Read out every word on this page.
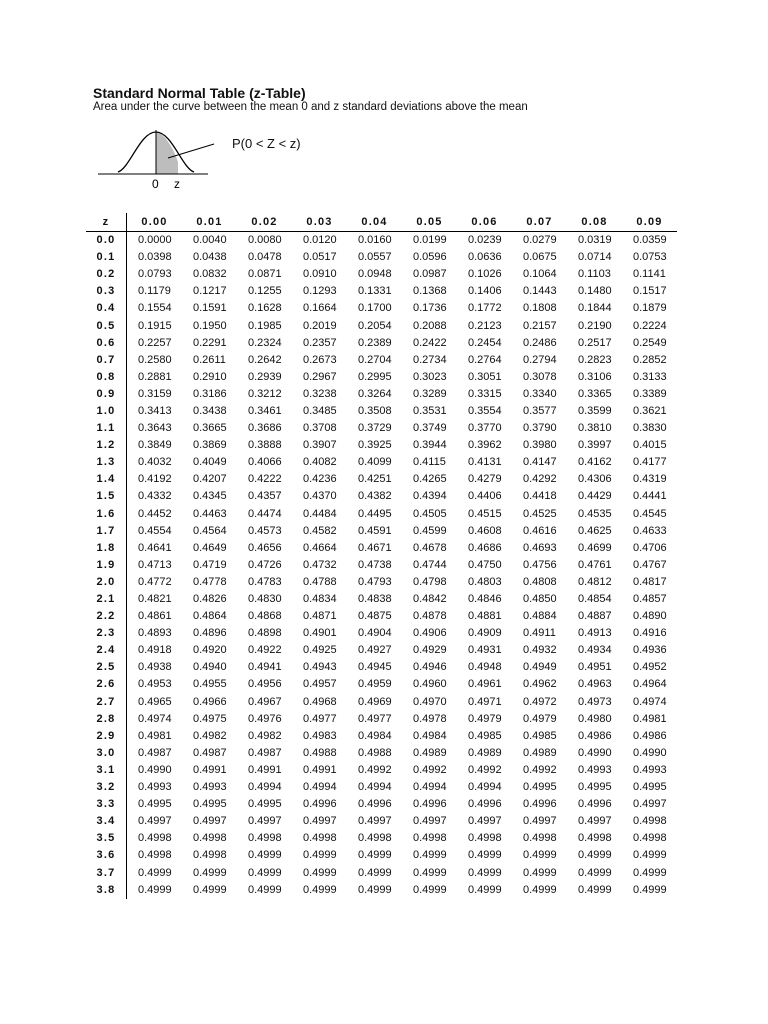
Standard Normal Table (z-Table)
Area under the curve between the mean 0 and z standard deviations above the mean
0 z
P(0 < Z < z)
z	0.00	0.01	0.02	0.03	0.04	0.05	0.06	0.07	0.08	0.09
0.0	0.0000	0.0040	0.0080	0.0120	0.0160	0.0199	0.0239	0.0279	0.0319	0.0359
0.1	0.0398	0.0438	0.0478	0.0517	0.0557	0.0596	0.0636	0.0675	0.0714	0.0753
0.2	0.0793	0.0832	0.0871	0.0910	0.0948	0.0987	0.1026	0.1064	0.1103	0.1141
0.3	0.1179	0.1217	0.1255	0.1293	0.1331	0.1368	0.1406	0.1443	0.1480	0.1517
0.4	0.1554	0.1591	0.1628	0.1664	0.1700	0.1736	0.1772	0.1808	0.1844	0.1879
0.5	0.1915	0.1950	0.1985	0.2019	0.2054	0.2088	0.2123	0.2157	0.2190	0.2224
0.6	0.2257	0.2291	0.2324	0.2357	0.2389	0.2422	0.2454	0.2486	0.2517	0.2549
0.7	0.2580	0.2611	0.2642	0.2673	0.2704	0.2734	0.2764	0.2794	0.2823	0.2852
0.8	0.2881	0.2910	0.2939	0.2967	0.2995	0.3023	0.3051	0.3078	0.3106	0.3133
0.9	0.3159	0.3186	0.3212	0.3238	0.3264	0.3289	0.3315	0.3340	0.3365	0.3389
1.0	0.3413	0.3438	0.3461	0.3485	0.3508	0.3531	0.3554	0.3577	0.3599	0.3621
1.1	0.3643	0.3665	0.3686	0.3708	0.3729	0.3749	0.3770	0.3790	0.3810	0.3830
1.2	0.3849	0.3869	0.3888	0.3907	0.3925	0.3944	0.3962	0.3980	0.3997	0.4015
1.3	0.4032	0.4049	0.4066	0.4082	0.4099	0.4115	0.4131	0.4147	0.4162	0.4177
1.4	0.4192	0.4207	0.4222	0.4236	0.4251	0.4265	0.4279	0.4292	0.4306	0.4319
1.5	0.4332	0.4345	0.4357	0.4370	0.4382	0.4394	0.4406	0.4418	0.4429	0.4441
1.6	0.4452	0.4463	0.4474	0.4484	0.4495	0.4505	0.4515	0.4525	0.4535	0.4545
1.7	0.4554	0.4564	0.4573	0.4582	0.4591	0.4599	0.4608	0.4616	0.4625	0.4633
1.8	0.4641	0.4649	0.4656	0.4664	0.4671	0.4678	0.4686	0.4693	0.4699	0.4706
1.9	0.4713	0.4719	0.4726	0.4732	0.4738	0.4744	0.4750	0.4756	0.4761	0.4767
2.0	0.4772	0.4778	0.4783	0.4788	0.4793	0.4798	0.4803	0.4808	0.4812	0.4817
2.1	0.4821	0.4826	0.4830	0.4834	0.4838	0.4842	0.4846	0.4850	0.4854	0.4857
2.2	0.4861	0.4864	0.4868	0.4871	0.4875	0.4878	0.4881	0.4884	0.4887	0.4890
2.3	0.4893	0.4896	0.4898	0.4901	0.4904	0.4906	0.4909	0.4911	0.4913	0.4916
2.4	0.4918	0.4920	0.4922	0.4925	0.4927	0.4929	0.4931	0.4932	0.4934	0.4936
2.5	0.4938	0.4940	0.4941	0.4943	0.4945	0.4946	0.4948	0.4949	0.4951	0.4952
2.6	0.4953	0.4955	0.4956	0.4957	0.4959	0.4960	0.4961	0.4962	0.4963	0.4964
2.7	0.4965	0.4966	0.4967	0.4968	0.4969	0.4970	0.4971	0.4972	0.4973	0.4974
2.8	0.4974	0.4975	0.4976	0.4977	0.4977	0.4978	0.4979	0.4979	0.4980	0.4981
2.9	0.4981	0.4982	0.4982	0.4983	0.4984	0.4984	0.4985	0.4985	0.4986	0.4986
3.0	0.4987	0.4987	0.4987	0.4988	0.4988	0.4989	0.4989	0.4989	0.4990	0.4990
3.1	0.4990	0.4991	0.4991	0.4991	0.4992	0.4992	0.4992	0.4992	0.4993	0.4993
3.2	0.4993	0.4993	0.4994	0.4994	0.4994	0.4994	0.4994	0.4995	0.4995	0.4995
3.3	0.4995	0.4995	0.4995	0.4996	0.4996	0.4996	0.4996	0.4996	0.4996	0.4997
3.4	0.4997	0.4997	0.4997	0.4997	0.4997	0.4997	0.4997	0.4997	0.4997	0.4998
3.5	0.4998	0.4998	0.4998	0.4998	0.4998	0.4998	0.4998	0.4998	0.4998	0.4998
3.6	0.4998	0.4998	0.4999	0.4999	0.4999	0.4999	0.4999	0.4999	0.4999	0.4999
3.7	0.4999	0.4999	0.4999	0.4999	0.4999	0.4999	0.4999	0.4999	0.4999	0.4999
3.8	0.4999	0.4999	0.4999	0.4999	0.4999	0.4999	0.4999	0.4999	0.4999	0.4999
